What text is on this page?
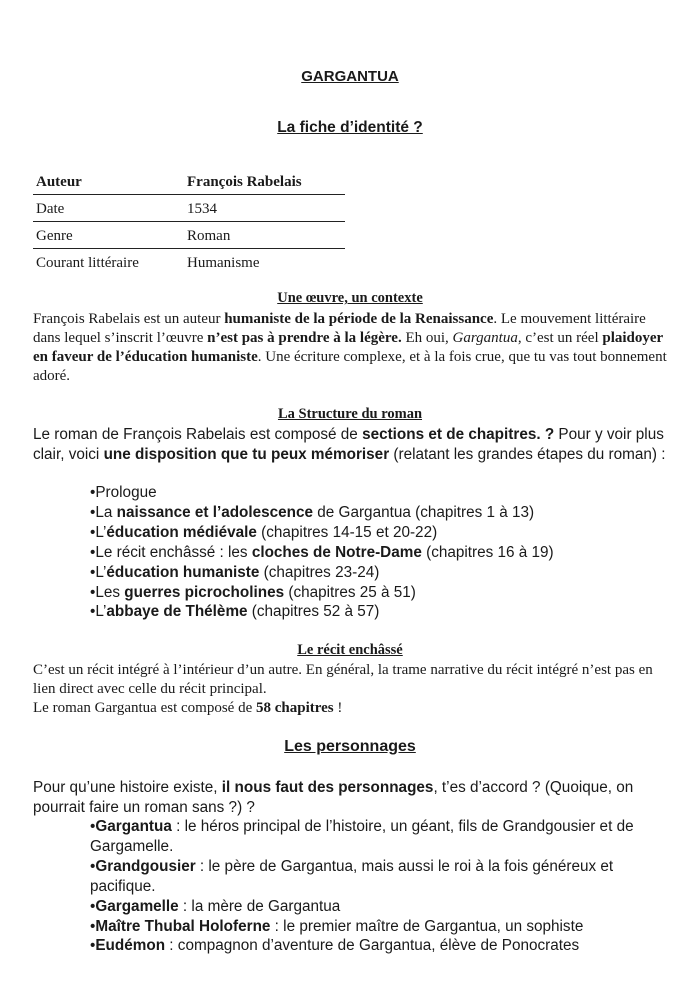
GARGANTUA
La fiche d’identité ?
Auteur	François Rabelais
Date	1534
Genre	Roman
Courant littéraire	Humanisme
Une œuvre, un contexte
François Rabelais est un auteur humaniste de la période de la Renaissance. Le mouvement littéraire dans lequel s’inscrit l’œuvre n’est pas à prendre à la légère. Eh oui, Gargantua, c’est un réel plaidoyer en faveur de l’éducation humaniste. Une écriture complexe, et à la fois crue, que tu vas tout bonnement adoré.
La Structure du roman
Le roman de François Rabelais est composé de sections et de chapitres. ? Pour y voir plus clair, voici une disposition que tu peux mémoriser (relatant les grandes étapes du roman) :
•Prologue
•La naissance et l’adolescence de Gargantua (chapitres 1 à 13)
•L’éducation médiévale (chapitres 14-15 et 20-22)
•Le récit enchâssé : les cloches de Notre-Dame (chapitres 16 à 19)
•L’éducation humaniste (chapitres 23-24)
•Les guerres picrocholines (chapitres 25 à 51)
•L’abbaye de Thélème (chapitres 52 à 57)
Le récit enchâssé
C’est un récit intégré à l’intérieur d’un autre. En général, la trame narrative du récit intégré n’est pas en lien direct avec celle du récit principal.
Le roman Gargantua est composé de 58 chapitres !
Les personnages
Pour qu’une histoire existe, il nous faut des personnages, t’es d’accord ? (Quoique, on pourrait faire un roman sans ?) ?
•Gargantua : le héros principal de l’histoire, un géant, fils de Grandgousier et de Gargamelle.
•Grandgousier : le père de Gargantua, mais aussi le roi à la fois généreux et pacifique.
•Gargamelle : la mère de Gargantua
•Maître Thubal Holoferne : le premier maître de Gargantua, un sophiste
•Eudémon : compagnon d’aventure de Gargantua, élève de Ponocrates
